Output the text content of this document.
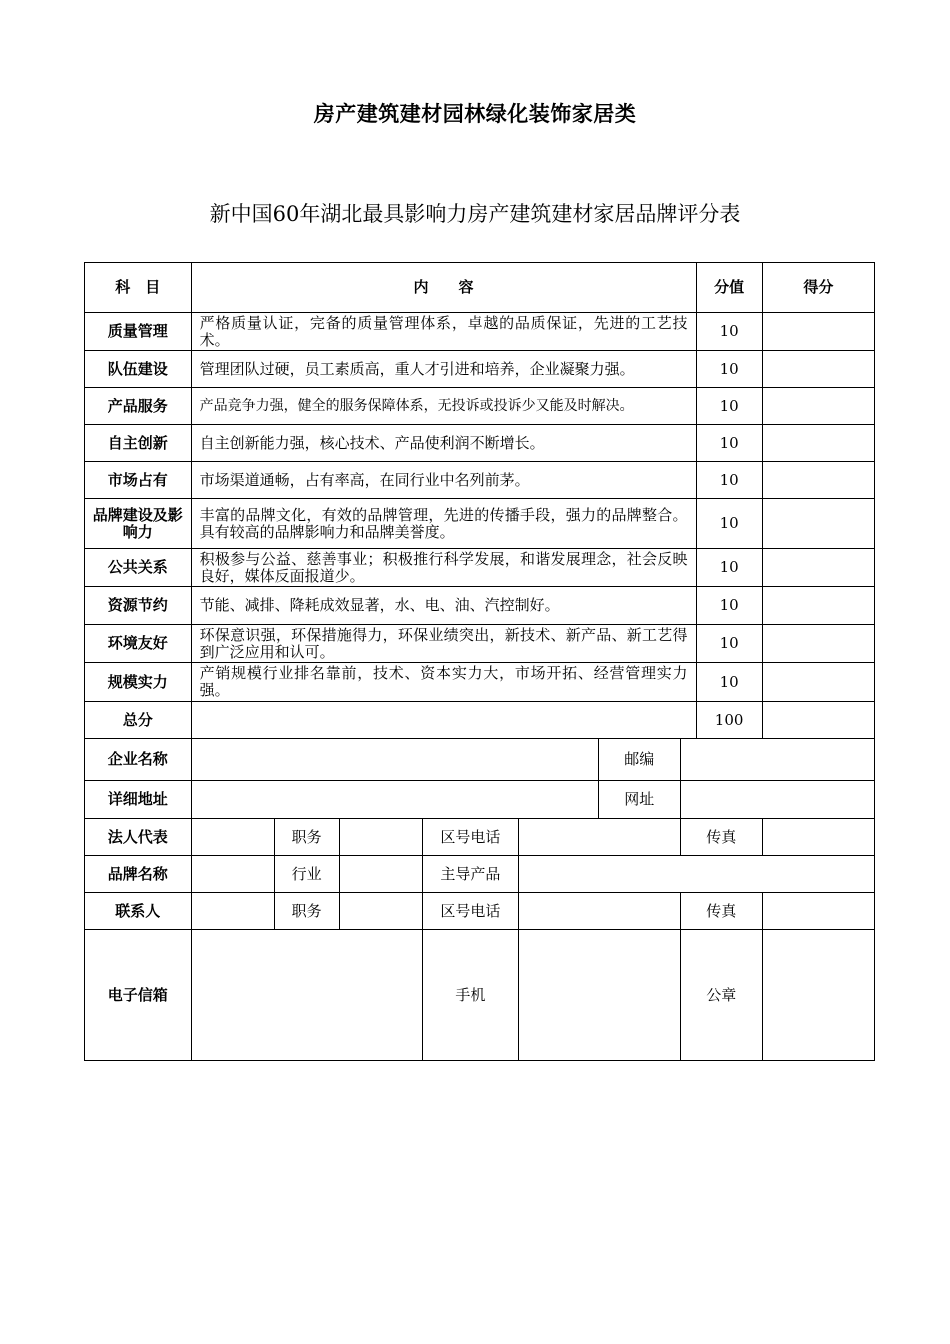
房产建筑建材园林绿化装饰家居类
新中国60年湖北最具影响力房产建筑建材家居品牌评分表
科　目	内　　容							分值	得分
质量管理	严格质量认证，完备的质量管理体系，卓越的品质保证，先进的工艺技术。							10	
队伍建设	管理团队过硬，员工素质高，重人才引进和培养，企业凝聚力强。							10	
产品服务	产品竞争力强，健全的服务保障体系，无投诉或投诉少又能及时解决。							10	
自主创新	自主创新能力强，核心技术、产品使利润不断增长。							10	
市场占有	市场渠道通畅，占有率高，在同行业中名列前茅。							10	
品牌建设及影响力	丰富的品牌文化，有效的品牌管理，先进的传播手段，强力的品牌整合。具有较高的品牌影响力和品牌美誉度。							10	
公共关系	积极参与公益、慈善事业；积极推行科学发展，和谐发展理念，社会反映良好，媒体反面报道少。							10	
资源节约	节能、减排、降耗成效显著，水、电、油、汽控制好。							10	
环境友好	环保意识强，环保措施得力，环保业绩突出，新技术、新产品、新工艺得到广泛应用和认可。							10	
规模实力	产销规模行业排名靠前，技术、资本实力大，市场开拓、经营管理实力强。							10	
总分								100	
企业名称						邮编			
详细地址						网址			
法人代表		职务		区号电话			传真		
品牌名称		行业		主导产品					
联系人		职务		区号电话			传真		
电子信箱				手机			公章		
